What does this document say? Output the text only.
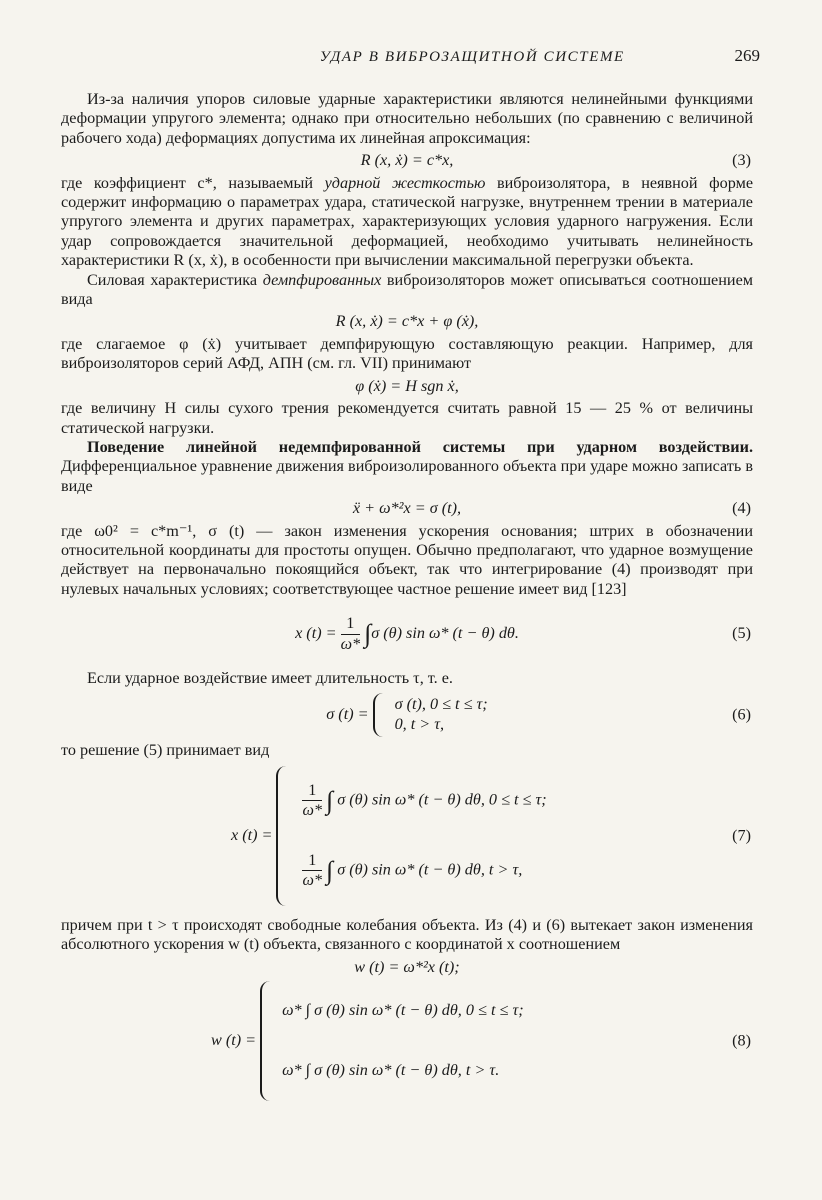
УДАР В ВИБРОЗАЩИТНОЙ СИСТЕМЕ	269

Из-за наличия упоров силовые ударные характеристики являются нелинейными функциями деформации упругого элемента; однако при относительно небольших (по сравнению с величиной рабочего хода) деформациях допустима их линейная апроксимация:

R (x, ẋ) = c*x,	(3)

где коэффициент c*, называемый ударной жесткостью виброизолятора, в неявной форме содержит информацию о параметрах удара, статической нагрузке, внутреннем трении в материале упругого элемента и других параметрах, характеризующих условия ударного нагружения. Если удар сопровождается значительной деформацией, необходимо учитывать нелинейность характеристики R (x, ẋ), в особенности при вычислении максимальной перегрузки объекта.

Силовая характеристика демпфированных виброизоляторов может описываться соотношением вида

R (x, ẋ) = c*x + φ (ẋ),

где слагаемое φ (ẋ) учитывает демпфирующую составляющую реакции. Например, для виброизоляторов серий АФД, АПН (см. гл. VII) принимают

φ (ẋ) = H sgn ẋ,

где величину H силы сухого трения рекомендуется считать равной 15 — 25 % от величины статической нагрузки.

Поведение линейной недемпфированной системы при ударном воздействии. Дифференциальное уравнение движения виброизолированного объекта при ударе можно записать в виде

ẍ + ω*²x = σ (t),	(4)

где ω0² = c*m⁻¹, σ (t) — закон изменения ускорения основания; штрих в обозначении относительной координаты для простоты опущен. Обычно предполагают, что ударное возмущение действует на первоначально покоящийся объект, так что интегрирование (4) производят при нулевых начальных условиях; соответствующее частное решение имеет вид [123]

x $(t) = \frac{1}{\omega*}$ ∫ σ (θ) sin ω* (t − θ) dθ.	(5)

Если ударное воздействие имеет длительность τ, т. е.

σ (t) =
σ (t), 0 ≤ t ≤ τ;
0, t > τ,
(6)

то решение (5) принимает вид

x (t) =
$\frac{1}{\omega*}$ ∫ σ (θ) sin ω* (t − θ) dθ, 0 ≤ t ≤ τ;
$\frac{1}{\omega*}$ ∫ σ (θ) sin ω* (t − θ) dθ, t > τ,
(7)

причем при t > τ происходят свободные колебания объекта. Из (4) и (6) вытекает закон изменения абсолютного ускорения w (t) объекта, связанного с координатой x соотношением

w (t) = ω*²x (t);
w (t) =
ω* ∫ σ (θ) sin ω* (t − θ) dθ, 0 ≤ t ≤ τ;
ω* ∫ σ (θ) sin ω* (t − θ) dθ, t > τ.
(8)
